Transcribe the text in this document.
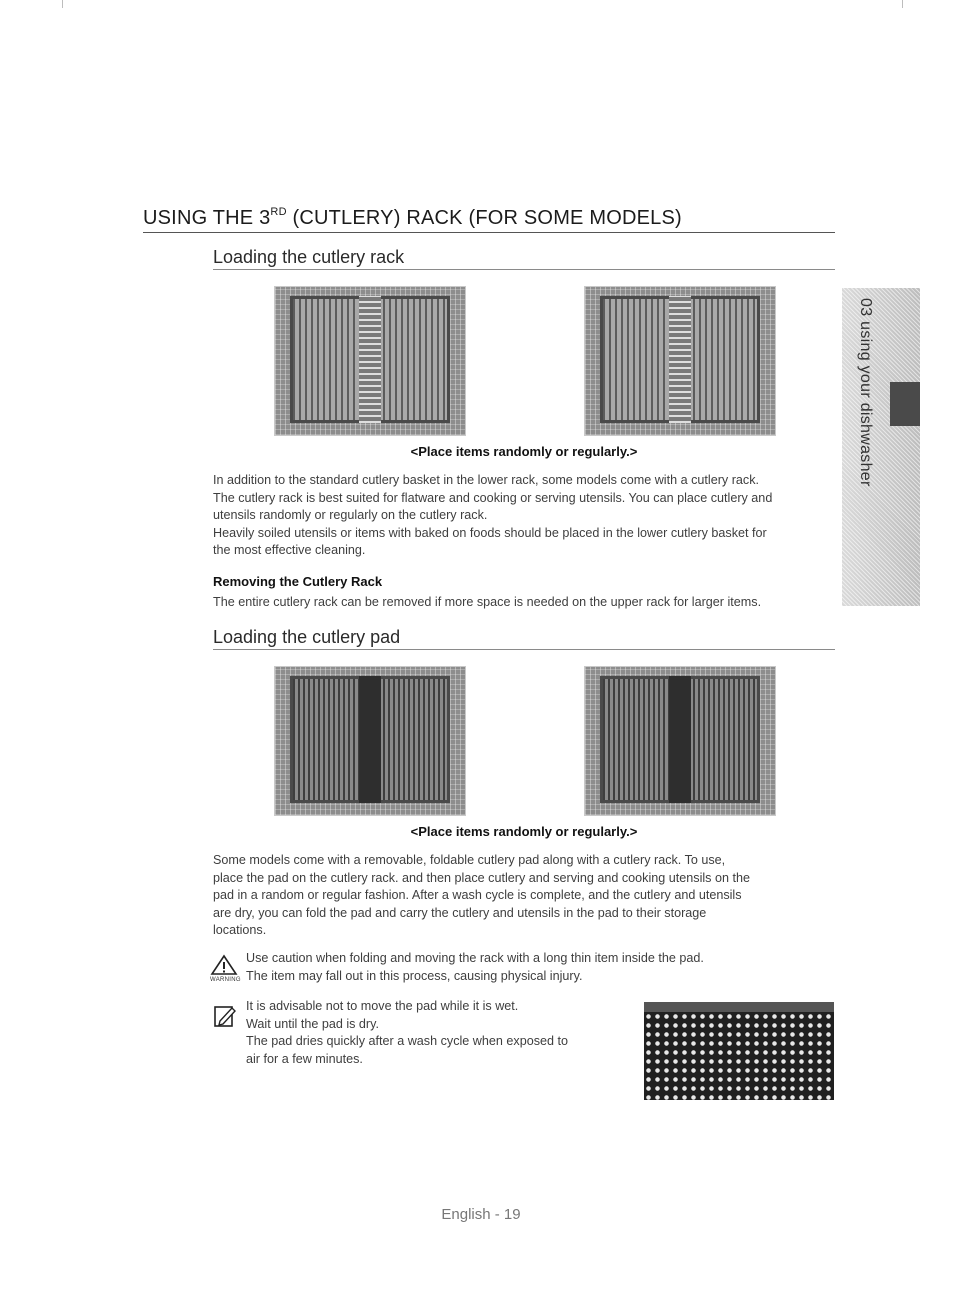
USING THE 3RD (CUTLERY) RACK (FOR SOME MODELS)
03 using your dishwasher
Loading the cutlery rack
<Place items randomly or regularly.>
In addition to the standard cutlery basket in the lower rack, some models come with a cutlery rack.
The cutlery rack is best suited for flatware and cooking or serving utensils. You can place cutlery and
utensils randomly or regularly on the cutlery rack.
Heavily soiled utensils or items with baked on foods should be placed in the lower cutlery basket for
the most effective cleaning.
Removing the Cutlery Rack
The entire cutlery rack can be removed if more space is needed on the upper rack for larger items.
Loading the cutlery pad
<Place items randomly or regularly.>
Some models come with a removable, foldable cutlery pad along with a cutlery rack. To use,
place the pad on the cutlery rack. and then place cutlery and serving and cooking utensils on the
pad in a random or regular fashion. After a wash cycle is complete, and the cutlery and utensils
are dry, you can fold the pad and carry the cutlery and utensils in the pad to their storage
locations.
WARNING
Use caution when folding and moving the rack with a long thin item inside the pad.
The item may fall out in this process, causing physical injury.
It is advisable not to move the pad while it is wet.
Wait until the pad is dry.
The pad dries quickly after a wash cycle when exposed to
air for a few minutes.
English - 19
